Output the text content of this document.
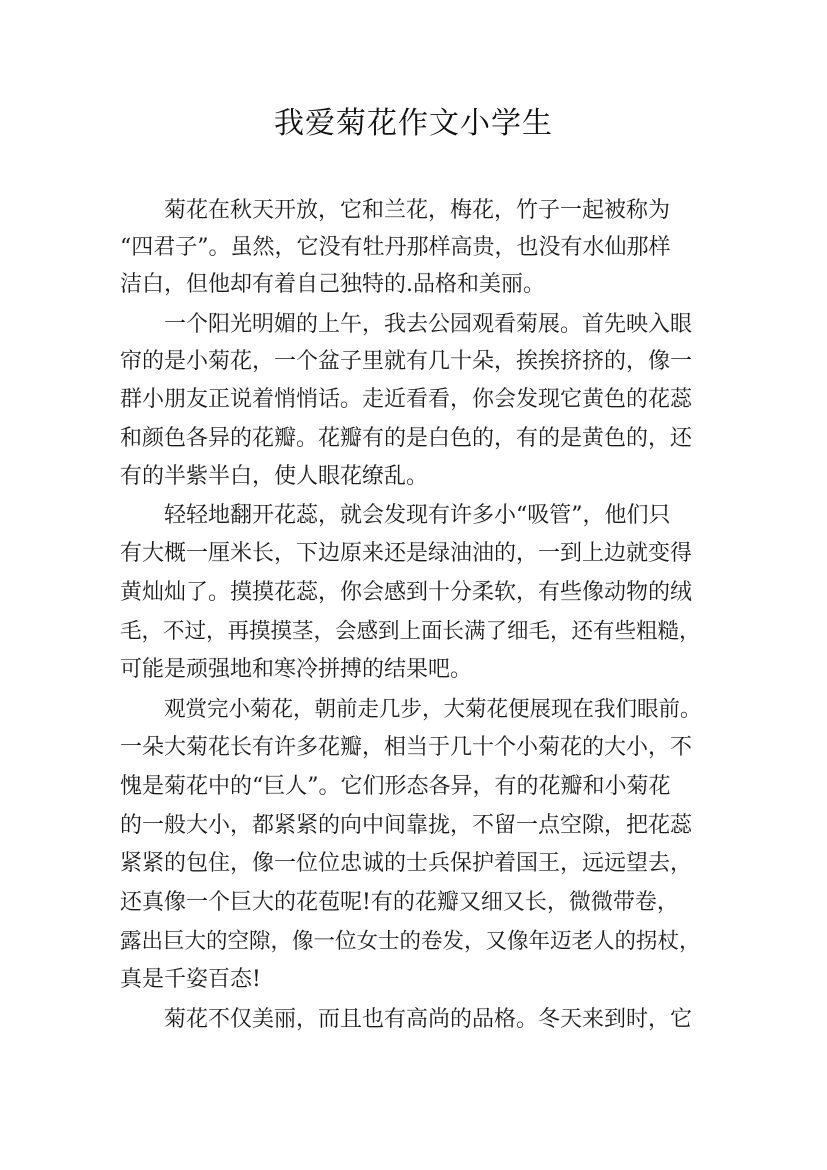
我爱菊花作文小学生
菊花在秋天开放，它和兰花，梅花，竹子一起被称为
“四君子”。虽然，它没有牡丹那样高贵，也没有水仙那样
洁白，但他却有着自己独特的.品格和美丽。
一个阳光明媚的上午，我去公园观看菊展。首先映入眼
帘的是小菊花，一个盆子里就有几十朵，挨挨挤挤的，像一
群小朋友正说着悄悄话。走近看看，你会发现它黄色的花蕊
和颜色各异的花瓣。花瓣有的是白色的，有的是黄色的，还
有的半紫半白，使人眼花缭乱。
轻轻地翻开花蕊，就会发现有许多小“吸管”，他们只
有大概一厘米长，下边原来还是绿油油的，一到上边就变得
黄灿灿了。摸摸花蕊，你会感到十分柔软，有些像动物的绒
毛，不过，再摸摸茎，会感到上面长满了细毛，还有些粗糙，
可能是顽强地和寒冷拼搏的结果吧。
观赏完小菊花，朝前走几步，大菊花便展现在我们眼前。
一朵大菊花长有许多花瓣，相当于几十个小菊花的大小，不
愧是菊花中的“巨人”。它们形态各异，有的花瓣和小菊花
的一般大小，都紧紧的向中间靠拢，不留一点空隙，把花蕊
紧紧的包住，像一位位忠诚的士兵保护着国王，远远望去，
还真像一个巨大的花苞呢!有的花瓣又细又长，微微带卷，
露出巨大的空隙，像一位女士的卷发，又像年迈老人的拐杖，
真是千姿百态!
菊花不仅美丽，而且也有高尚的品格。冬天来到时，它
